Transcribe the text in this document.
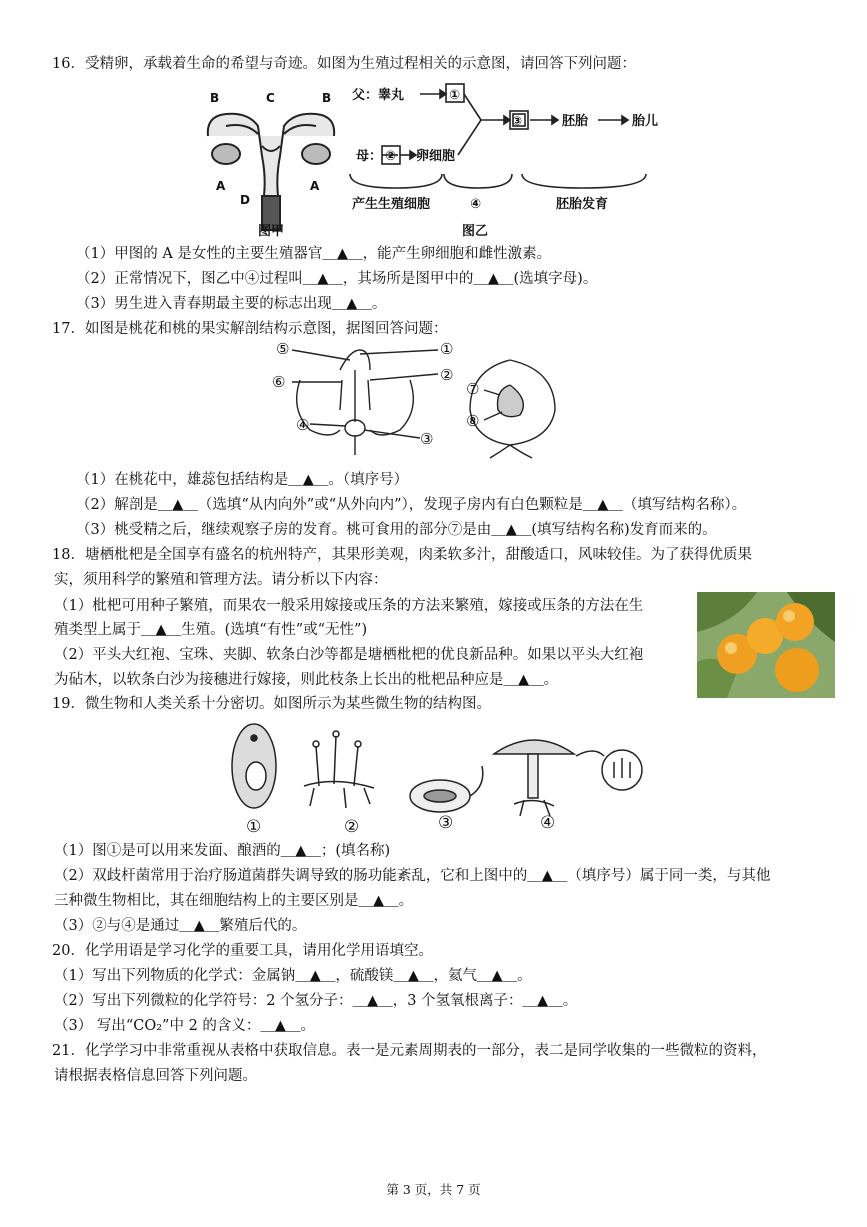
16．受精卵，承载着生命的希望与奇迹。如图为生殖过程相关的示意图，请回答下列问题：
B	C	B
A	A
D
图甲
父：睾丸	①
母： ② 卵细胞
③	胚胎	胎儿
产生生殖细胞	④	胚胎发育
图乙
（1）甲图的 A 是女性的主要生殖器官＿▲＿，能产生卵细胞和雌性激素。
（2）正常情况下，图乙中④过程叫＿▲＿，其场所是图甲中的＿▲＿(选填字母)。
（3）男生进入青春期最主要的标志出现＿▲＿。
17．如图是桃花和桃的果实解剖结构示意图，据图回答问题：
⑤	①
②
⑥
④
③
⑦
⑧
（1）在桃花中，雄蕊包括结构是＿▲＿。（填序号）
（2）解剖是＿▲＿（选填“从内向外”或“从外向内”），发现子房内有白色颗粒是＿▲＿（填写结构名称）。
（3）桃受精之后，继续观察子房的发育。桃可食用的部分⑦是由＿▲＿(填写结构名称)发育而来的。
18．塘栖枇杷是全国享有盛名的杭州特产，其果形美观，肉柔软多汁，甜酸适口，风味较佳。为了获得优质果
实，须用科学的繁殖和管理方法。请分析以下内容：
（1）枇杷可用种子繁殖，而果农一般采用嫁接或压条的方法来繁殖，嫁接或压条的方法在生
殖类型上属于＿▲＿生殖。(选填“有性”或“无性”)
（2）平头大红袍、宝珠、夹脚、软条白沙等都是塘栖枇杷的优良新品种。如果以平头大红袍
为砧木，以软条白沙为接穗进行嫁接，则此枝条上长出的枇杷品种应是＿▲＿。
19．微生物和人类关系十分密切。如图所示为某些微生物的结构图。
①	②	③	④
（1）图①是可以用来发面、酿酒的＿▲＿；(填名称)
（2）双歧杆菌常用于治疗肠道菌群失调导致的肠功能紊乱，它和上图中的＿▲＿（填序号）属于同一类，与其他
三种微生物相比，其在细胞结构上的主要区别是＿▲＿。
（3）②与④是通过＿▲＿繁殖后代的。
20．化学用语是学习化学的重要工具，请用化学用语填空。
（1）写出下列物质的化学式：金属钠＿▲＿，硫酸镁＿▲＿，氦气＿▲＿。
（2）写出下列微粒的化学符号：2 个氢分子：＿▲＿，3 个氢氧根离子：＿▲＿。
（3） 写出“CO₂”中 2 的含义：＿▲＿。
21．化学学习中非常重视从表格中获取信息。表一是元素周期表的一部分，表二是同学收集的一些微粒的资料，
请根据表格信息回答下列问题。
第 3 页，共 7 页
